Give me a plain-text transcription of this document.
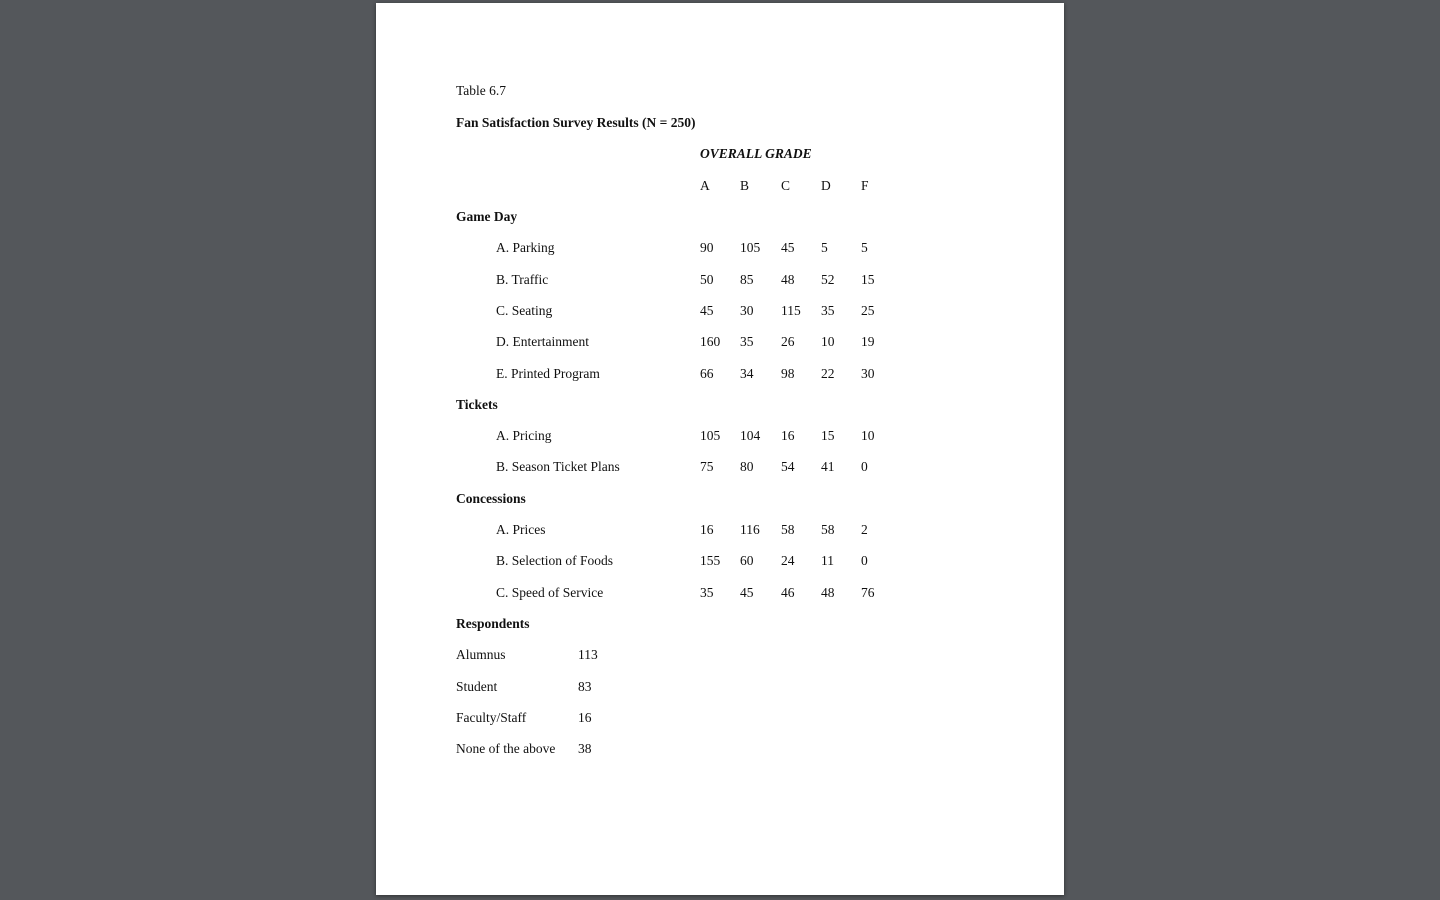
Table 6.7
Fan Satisfaction Survey Results (N = 250)
OVERALL GRADE
A B C D F
Game Day
A. Parking	90 105 45 5 5
B. Traffic	50 85 48 52 15
C. Seating	45 30 115 35 25
D. Entertainment	160 35 26 10 19
E. Printed Program	66 34 98 22 30
Tickets
A. Pricing	105 104 16 15 10
B. Season Ticket Plans	75 80 54 41 0
Concessions
A. Prices	16 116 58 58 2
B. Selection of Foods	155 60 24 11 0
C. Speed of Service	35 45 46 48 76
Respondents
Alumnus	113
Student	83
Faculty/Staff	16
None of the above 38
